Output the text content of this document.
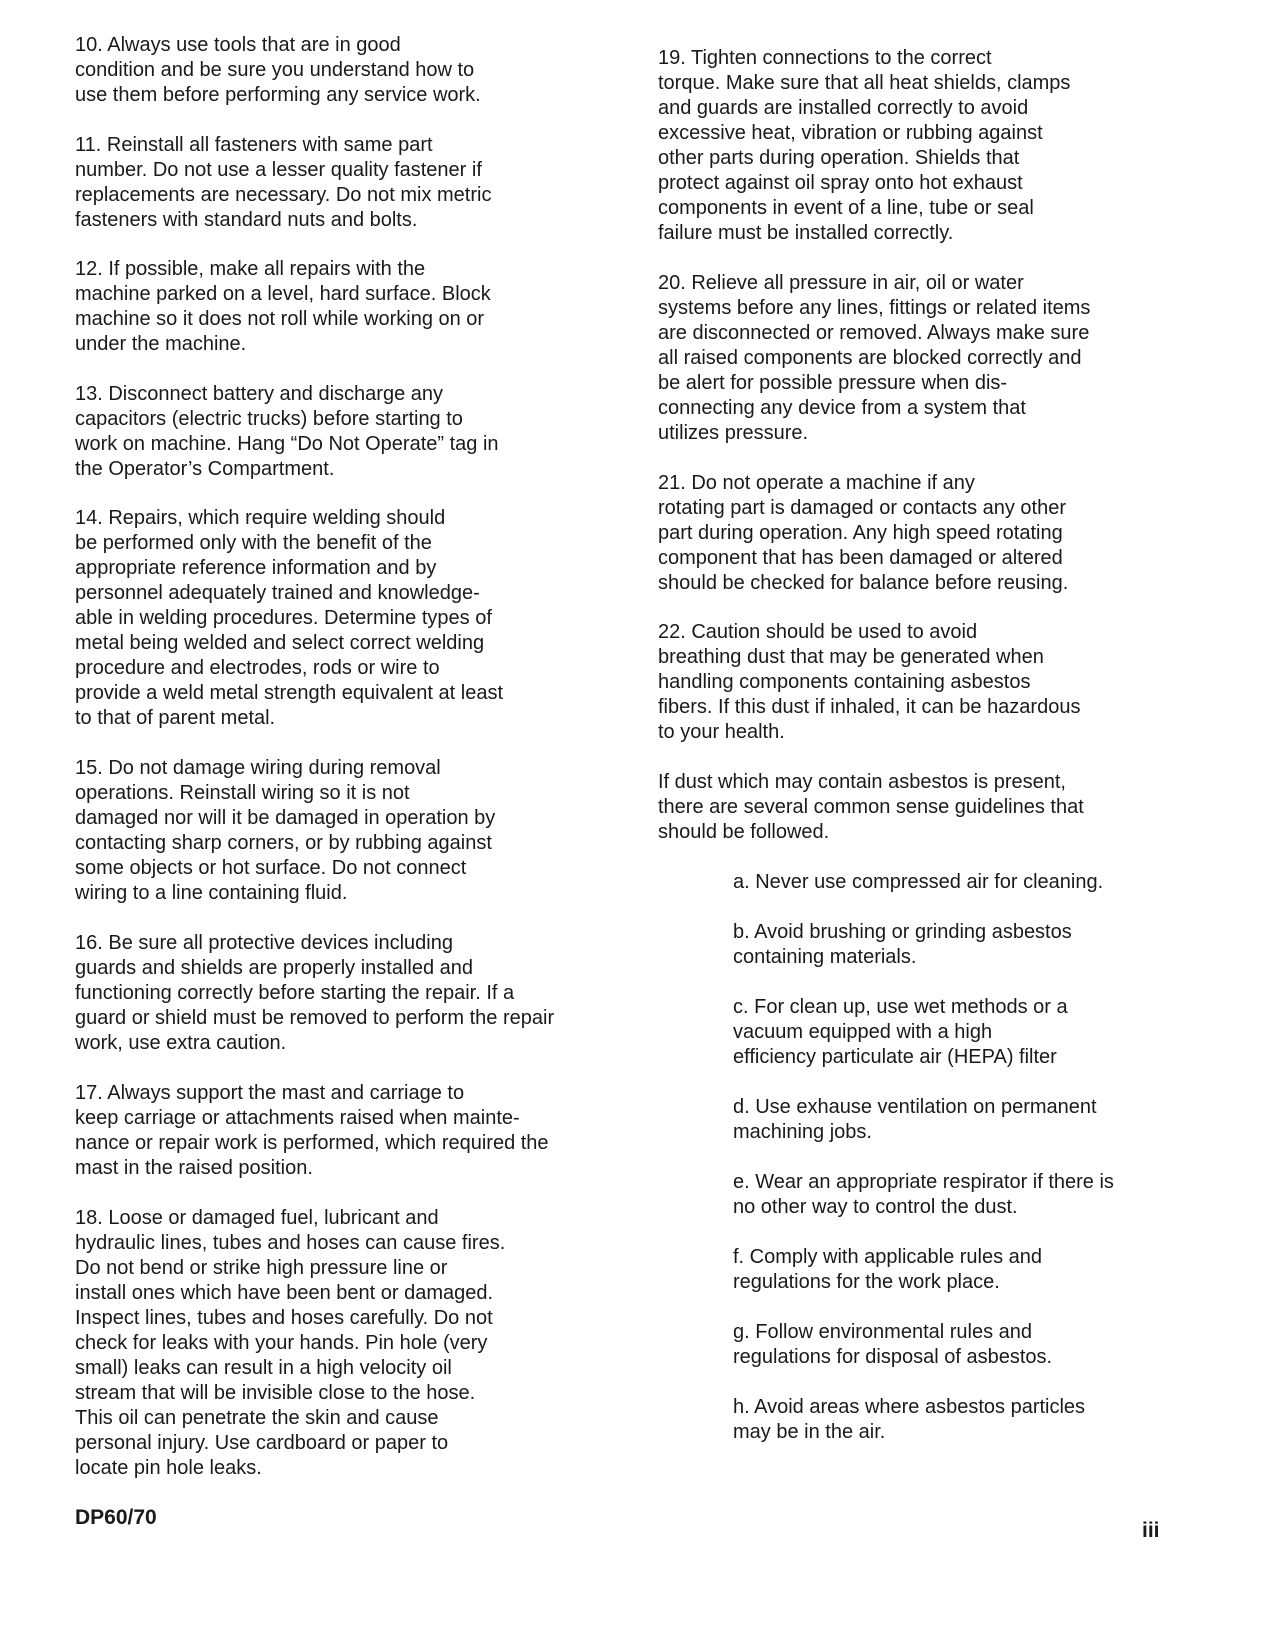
10. Always use tools that are in good
condition and be sure you understand how to
use them before performing any service work.

11. Reinstall all fasteners with same part
number. Do not use a lesser quality fastener if
replacements are necessary. Do not mix metric
fasteners with standard nuts and bolts.

12. If possible, make all repairs with the
machine parked on a level, hard surface. Block
machine so it does not roll while working on or
under the machine.

13. Disconnect battery and discharge any
capacitors (electric trucks) before starting to
work on machine. Hang “Do Not Operate” tag in
the Operator’s Compartment.

14. Repairs, which require welding should
be performed only with the benefit of the
appropriate reference information and by
personnel adequately trained and knowledge-
able in welding procedures. Determine types of
metal being welded and select correct welding
procedure and electrodes, rods or wire to
provide a weld metal strength equivalent at least
to that of parent metal.

15. Do not damage wiring during removal
operations. Reinstall wiring so it is not
damaged nor will it be damaged in operation by
contacting sharp corners, or by rubbing against
some objects or hot surface. Do not connect
wiring to a line containing fluid.

16. Be sure all protective devices including
guards and shields are properly installed and
functioning correctly before starting the repair. If a
guard or shield must be removed to perform the repair
work, use extra caution.

17. Always support the mast and carriage to
keep carriage or attachments raised when mainte-
nance or repair work is performed, which required the
mast in the raised position.

18. Loose or damaged fuel, lubricant and
hydraulic lines, tubes and hoses can cause fires.
Do not bend or strike high pressure line or
install ones which have been bent or damaged.
Inspect lines, tubes and hoses carefully. Do not
check for leaks with your hands. Pin hole (very
small) leaks can result in a high velocity oil
stream that will be invisible close to the hose.
This oil can penetrate the skin and cause
personal injury. Use cardboard or paper to
locate pin hole leaks.

19. Tighten connections to the correct
torque. Make sure that all heat shields, clamps
and guards are installed correctly to avoid
excessive heat, vibration or rubbing against
other parts during operation. Shields that
protect against oil spray onto hot exhaust
components in event of a line, tube or seal
failure must be installed correctly.

20. Relieve all pressure in air, oil or water
systems before any lines, fittings or related items
are disconnected or removed. Always make sure
all raised components are blocked correctly and
be alert for possible pressure when dis-
connecting any device from a system that
utilizes pressure.

21. Do not operate a machine if any
rotating part is damaged or contacts any other
part during operation. Any high speed rotating
component that has been damaged or altered
should be checked for balance before reusing.

22. Caution should be used to avoid
breathing dust that may be generated when
handling components containing asbestos
fibers. If this dust if inhaled, it can be hazardous
to your health.

If dust which may contain asbestos is present,
there are several common sense guidelines that
should be followed.

a. Never use compressed air for cleaning.

b. Avoid brushing or grinding asbestos
containing materials.

c. For clean up, use wet methods or a
vacuum equipped with a high
efficiency particulate air (HEPA) filter

d. Use exhause ventilation on permanent
machining jobs.

e. Wear an appropriate respirator if there is
no other way to control the dust.

f. Comply with applicable rules and
regulations for the work place.

g. Follow environmental rules and
regulations for disposal of asbestos.

h. Avoid areas where asbestos particles
may be in the air.

DP60/70

iii
